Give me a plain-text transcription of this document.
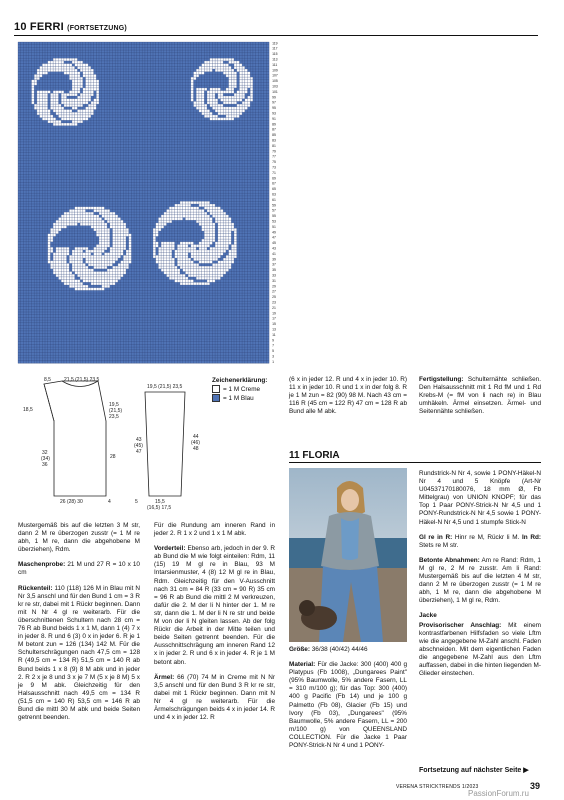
10 FERRI (FORTSETZUNG)
1
3
5
7
9
11
13
15
17
19
21
23
25
27
29
31
33
35
37
39
41
43
45
47
49
51
53
55
57
59
61
63
65
67
69
71
73
75
77
79
81
83
85
87
89
91
93
95
97
99
101
103
105
107
109
111
113
115
117
119
8,5	21,5 (21,5) 23,5
18,5
19,5
(21,5)
23,5
32
(34)
36
28
26 (28) 30	4
19,5 (21,5) 23,5
43
(45)
47
44
(46)
48
15,5
(16,5) 17,5
5
Zeichenerklärung:
= 1 M Creme
= 1 M Blau

Mustergemäß bis auf die letzten 3 M str, dann 2 M re überzogen zusstr (= 1 M re abh, 1 M re, dann die abgehobene M überziehen), Rdm.

Maschenprobe: 21 M und 27 R = 10 x 10 cm

Rückenteil: 110 (118) 126 M in Blau mit N Nr 3,5 anschl und für den Bund 1 cm = 3 R kr re str, dabei mit 1 Rückr beginnen. Dann mit N Nr 4 gl re weiterarb. Für die überschnittenen Schultern nach 28 cm = 76 R ab Bund beids 1 x 1 M, dann 1 (4) 7 x in jeder 8. R und 6 (3) 0 x in jeder 6. R je 1 M betont zun = 126 (134) 142 M. Für die Schulterschrägungen nach 47,5 cm = 128 R (49,5 cm = 134 R) 51,5 cm = 140 R ab Bund beids 1 x 8 (9) 8 M abk und in jeder 2. R 2 x je 8 und 3 x je 7 M (5 x je 8 M) 5 x je 9 M abk. Gleichzeitig für den Halsausschnitt nach 49,5 cm = 134 R (51,5 cm = 140 R) 53,5 cm = 146 R ab Bund die mittl 30 M abk und beide Seiten getrennt beenden.

Für die Rundung am inneren Rand in jeder 2. R 1 x 2 und 1 x 1 M abk.

Vorderteil: Ebenso arb, jedoch in der 9. R ab Bund die M wie folgt einteilen: Rdm, 11 (15) 19 M gl re in Blau, 93 M Intarsienmuster, 4 (8) 12 M gl re in Blau, Rdm. Gleichzeitig für den V-Ausschnitt nach 31 cm = 84 R (33 cm = 90 R) 35 cm = 96 R ab Bund die mittl 2 M verkreuzen, dafür die 2. M der li N hinter der 1. M re str, dann die 1. M der li N re str und beide M von der li N gleiten lassen. Ab der folg Rückr die Arbeit in der Mitte teilen und beide Seiten getrennt beenden. Für die Ausschnittschrägung am inneren Rand 12 x in jeder 2. R und 6 x in jeder 4. R je 1 M betont abn.

Ärmel: 66 (70) 74 M in Creme mit N Nr 3,5 anschl und für den Bund 3 R kr re str, dabei mit 1 Rückr beginnen. Dann mit N Nr 4 gl re weiterarb. Für die Ärmelschrägungen beids 4 x in jeder 14. R und 4 x in jeder 12. R

(6 x in jeder 12. R und 4 x in jeder 10. R) 11 x in jeder 10. R und 1 x in der folg 8. R je 1 M zun = 82 (90) 98 M. Nach 43 cm = 116 R (45 cm = 122 R) 47 cm = 128 R ab Bund alle M abk.

Fertigstellung: Schulternähte schließen. Den Halsausschnitt mit 1 Rd fM und 1 Rd Krebs-M (= fM von li nach re) in Blau umhäkeln. Ärmel einsetzen. Ärmel- und Seitennähte schließen.

11 FLORIA

Größe: 36/38 (40/42) 44/46

Material: Für die Jacke: 300 (400) 400 g Platypus (Fb 1008), „Dungarees Paint" (95% Baumwolle, 5% andere Fasern, LL = 310 m/100 g); für das Top: 300 (400) 400 g Pacific (Fb 14) und je 100 g Palmetto (Fb 08), Glacier (Fb 15) und Ivory (Fb 03), „Dungarees" (95% Baumwolle, 5% andere Fasern, LL = 200 m/100 g) von QUEENSLAND COLLECTION. Für die Jacke 1 Paar PONY-Strick-N Nr 4 und 1 PONY-

Rundstrick-N Nr 4, sowie 1 PONY-Häkel-N Nr 4 und 5 Knöpfe (Art-Nr U04537170180076, 18 mm Ø, Fb Mittelgrau) von UNION KNOPF; für das Top 1 Paar PONY-Strick-N Nr 4,5 und 1 PONY-Rundstrick-N Nr 4,5 sowie 1 PONY-Häkel-N Nr 4,5 und 1 stumpfe Stick-N

Gl re in R: Hinr re M, Rückr li M. In Rd: Stets re M str.

Betonte Abnahmen: Am re Rand: Rdm, 1 M gl re, 2 M re zusstr. Am li Rand: Mustergemäß bis auf die letzten 4 M str, dann 2 M re überzogen zusstr (= 1 M re abh, 1 M re, dann die abgehobene M überziehen), 1 M gl re, Rdm.

Jacke

Provisorischer Anschlag: Mit einem kontrastfarbenen Hilfsfaden so viele Lftm wie die angegebene M-Zahl anschl. Faden abschneiden. Mit dem eigentlichen Faden die angegebene M-Zahl aus den Lftm auffassen, dabei in die hinten liegenden M-Glieder einstechen.

Fortsetzung auf nächster Seite ▶
VERENA STRICKTRENDS 1/2023	39
PassionForum.ru
